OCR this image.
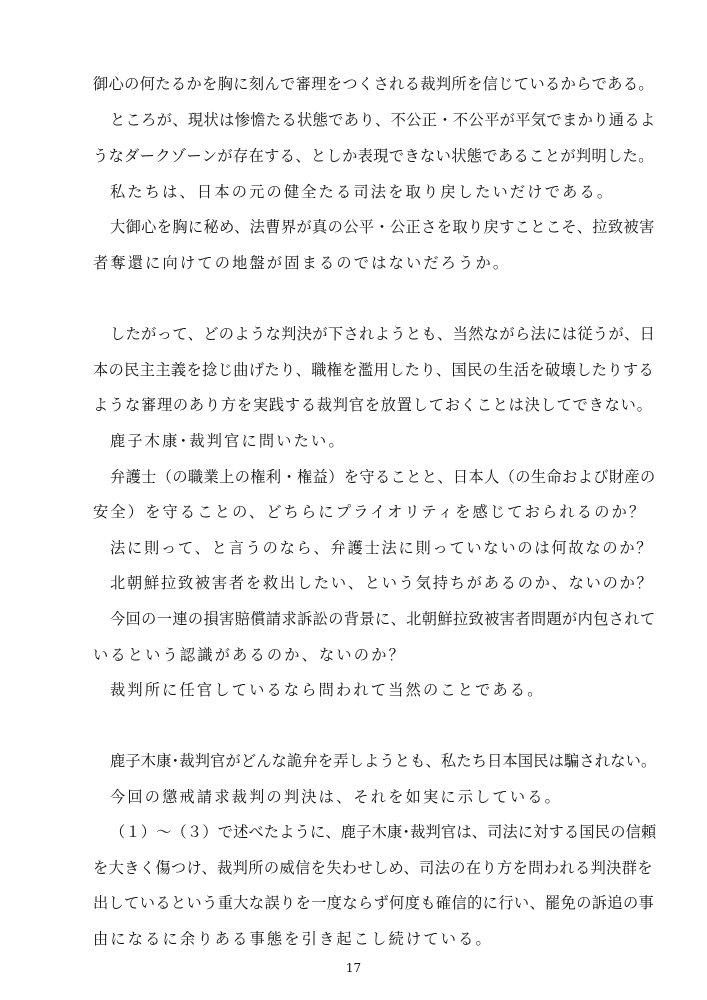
御心の何たるかを胸に刻んで審理をつくされる裁判所を信じているからである。
ところが、現状は惨憺たる状態であり、不公正・不公平が平気でまかり通るよ
うなダークゾーンが存在する、としか表現できない状態であることが判明した。
私たちは、日本の元の健全たる司法を取り戻したいだけである。
大御心を胸に秘め、法曹界が真の公平・公正さを取り戻すことこそ、拉致被害
者奪還に向けての地盤が固まるのではないだろうか。
したがって、どのような判決が下されようとも、当然ながら法には従うが、日
本の民主主義を捻じ曲げたり、職権を濫用したり、国民の生活を破壊したりする
ような審理のあり方を実践する裁判官を放置しておくことは決してできない。
鹿子木康･裁判官に問いたい。
弁護士（の職業上の権利・権益）を守ることと、日本人（の生命および財産の
安全）を守ることの、どちらにプライオリティを感じておられるのか？
法に則って、と言うのなら、弁護士法に則っていないのは何故なのか？
北朝鮮拉致被害者を救出したい、という気持ちがあるのか、ないのか？
今回の一連の損害賠償請求訴訟の背景に、北朝鮮拉致被害者問題が内包されて
いるという認識があるのか、ないのか？
裁判所に任官しているなら問われて当然のことである。
鹿子木康･裁判官がどんな詭弁を弄しようとも、私たち日本国民は騙されない。
今回の懲戒請求裁判の判決は、それを如実に示している。
（１）～（３）で述べたように、鹿子木康･裁判官は、司法に対する国民の信頼
を大きく傷つけ、裁判所の威信を失わせしめ、司法の在り方を問われる判決群を
出しているという重大な誤りを一度ならず何度も確信的に行い、罷免の訴追の事
由になるに余りある事態を引き起こし続けている。
17
